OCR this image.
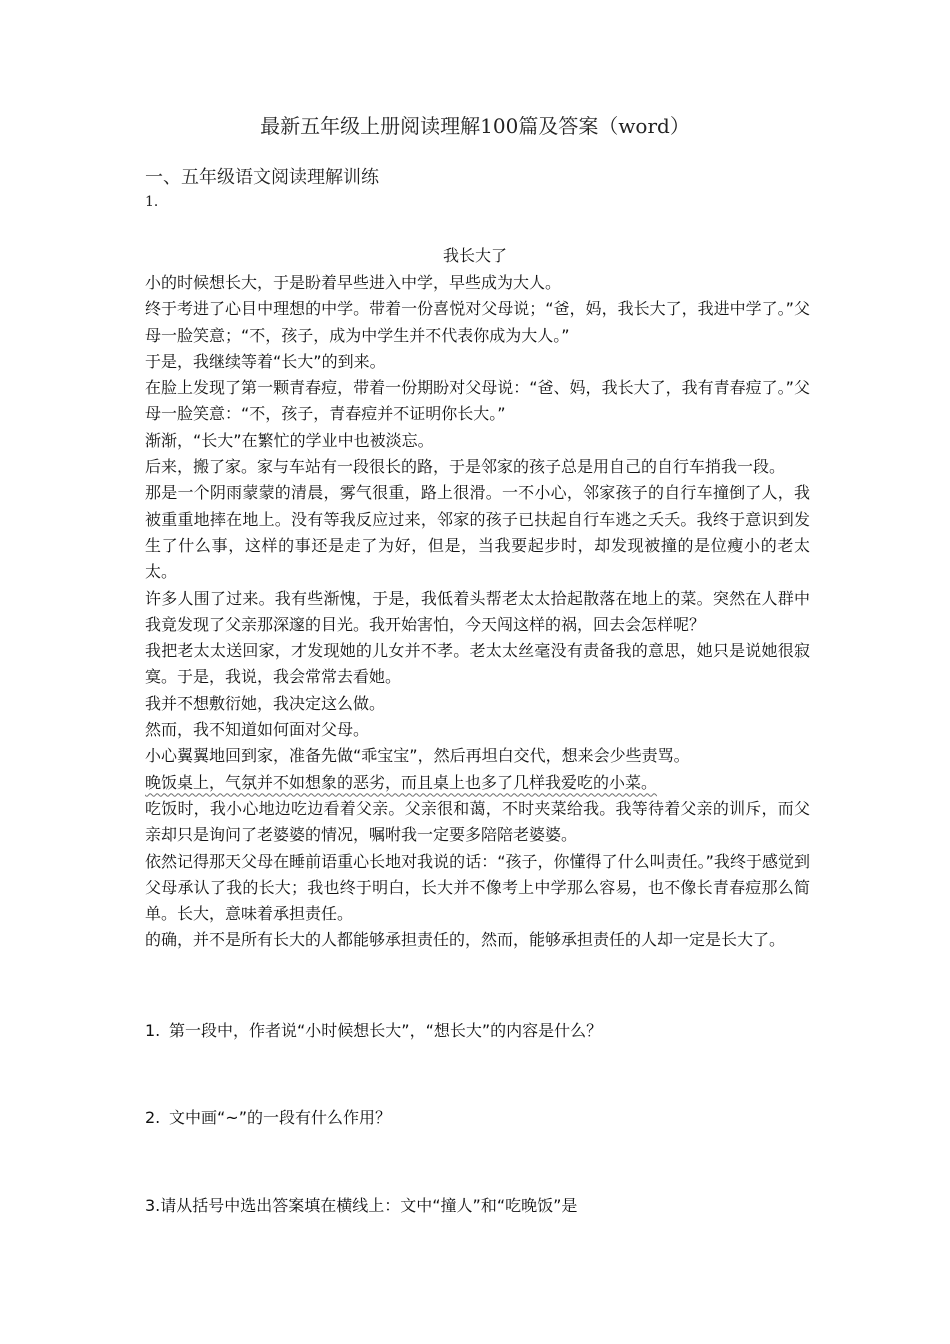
最新五年级上册阅读理解100篇及答案（word）
一、五年级语文阅读理解训练
1．
我长大了

小的时候想长大，于是盼着早些进入中学，早些成为大人。

终于考进了心目中理想的中学。带着一份喜悦对父母说；“爸，妈，我长大了，我进中学了。”父母一脸笑意；“不，孩子，成为中学生并不代表你成为大人。”

于是，我继续等着“长大”的到来。

在脸上发现了第一颗青春痘，带着一份期盼对父母说：“爸、妈，我长大了，我有青春痘了。”父母一脸笑意：“不，孩子，青春痘并不证明你长大。”

渐渐，“长大”在繁忙的学业中也被淡忘。

后来，搬了家。家与车站有一段很长的路，于是邻家的孩子总是用自己的自行车捎我一段。

那是一个阴雨蒙蒙的清晨，雾气很重，路上很滑。一不小心，邻家孩子的自行车撞倒了人，我被重重地摔在地上。没有等我反应过来，邻家的孩子已扶起自行车逃之夭夭。我终于意识到发生了什么事，这样的事还是走了为好，但是，当我要起步时，却发现被撞的是位瘦小的老太太。

许多人围了过来。我有些渐愧，于是，我低着头帮老太太拾起散落在地上的菜。突然在人群中我竟发现了父亲那深邃的目光。我开始害怕，今天闯这样的祸，回去会怎样呢？

我把老太太送回家，才发现她的儿女并不孝。老太太丝毫没有责备我的意思，她只是说她很寂寞。于是，我说，我会常常去看她。

我并不想敷衍她，我决定这么做。

然而，我不知道如何面对父母。

小心翼翼地回到家，准备先做“乖宝宝”，然后再坦白交代，想来会少些责骂。

晚饭桌上，气氛并不如想象的恶劣，而且桌上也多了几样我爱吃的小菜。

吃饭时，我小心地边吃边看着父亲。父亲很和蔼，不时夹菜给我。我等待着父亲的训斥，而父亲却只是询问了老婆婆的情况，嘱咐我一定要多陪陪老婆婆。

依然记得那天父母在睡前语重心长地对我说的话：“孩子，你懂得了什么叫责任。”我终于感觉到父母承认了我的长大；我也终于明白，长大并不像考上中学那么容易，也不像长青春痘那么简单。长大，意味着承担责任。

的确，并不是所有长大的人都能够承担责任的，然而，能够承担责任的人却一定是长大了。

1. 第一段中，作者说“小时候想长大”，“想长大”的内容是什么？
2. 文中画“~”的一段有什么作用？
3.请从括号中选出答案填在横线上：文中“撞人”和“吃晚饭”是
